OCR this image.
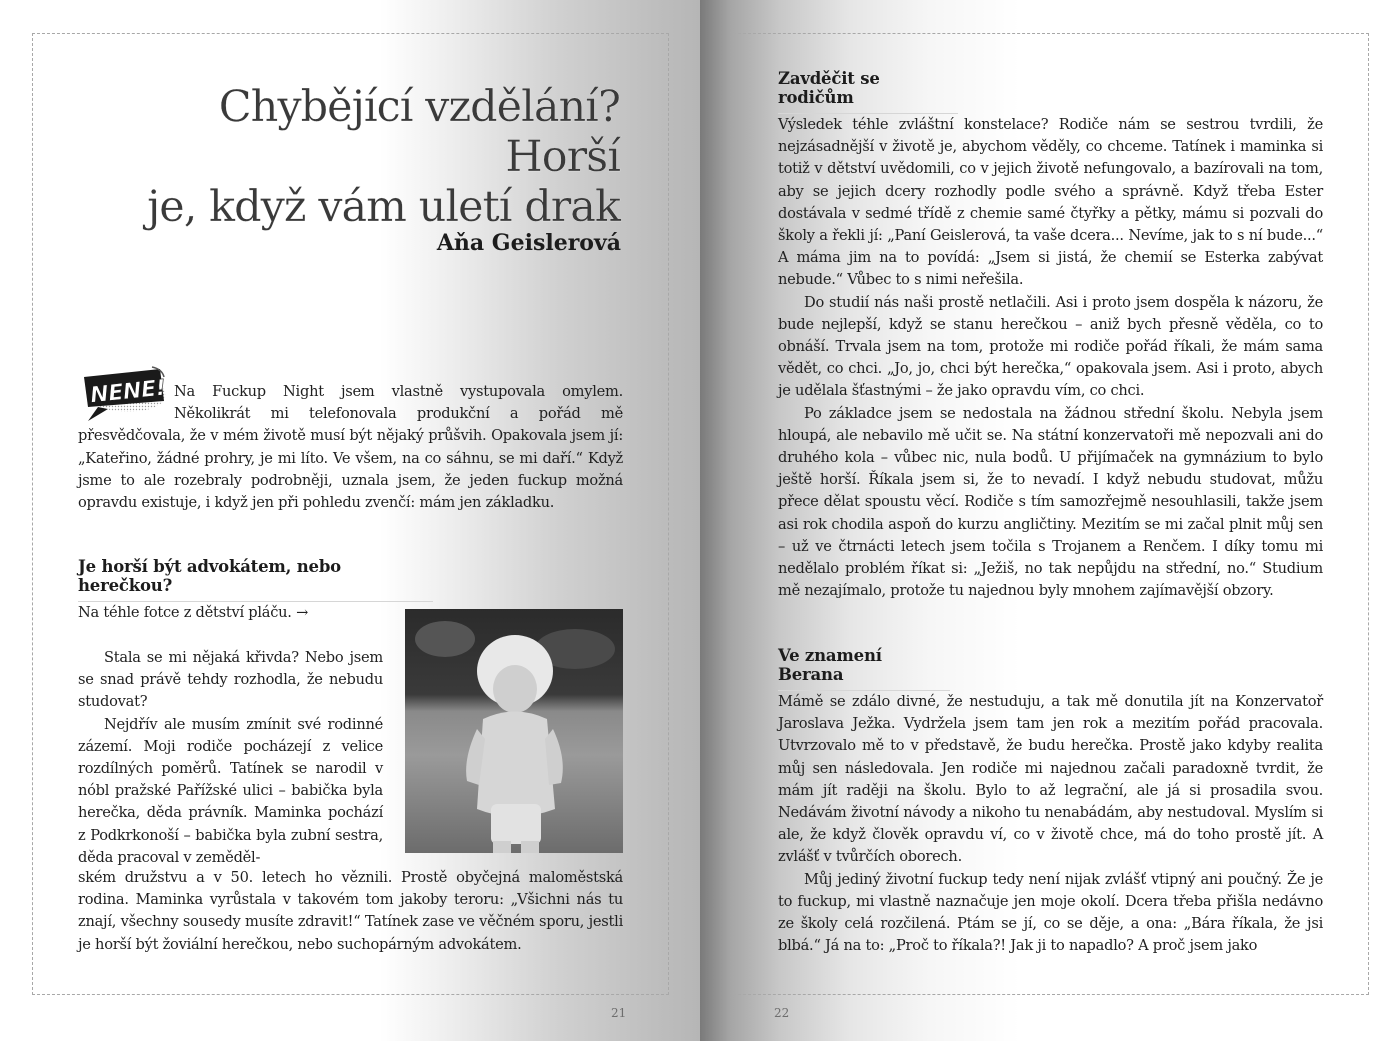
Chybějící vzdělání? Horší
je, když vám uletí drak
Aňa Geislerová
NENE! Na Fuckup Night jsem vlastně vystupovala omylem. Několikrát mi telefonovala produkční a pořád mě přesvědčovala, že v mém životě musí být nějaký průšvih. Opakovala jsem jí: „Kateřino, žádné prohry, je mi líto. Ve všem, na co sáhnu, se mi daří.“ Když jsme to ale rozebraly podrobněji, uznala jsem, že jeden fuckup možná opravdu existuje, i když jen při pohledu zvenčí: mám jen základku.

Je horší být advokátem, nebo herečkou?
Na téhle fotce z dětství pláču. →

Stala se mi nějaká křivda? Nebo jsem se snad právě tehdy rozhodla, že nebudu studovat?

Nejdřív ale musím zmínit své rodinné zázemí. Moji rodiče pocházejí z velice rozdílných poměrů. Tatínek se narodil v nóbl pražské Pařížské ulici – babička byla herečka, děda právník. Maminka pochází z Podkrkonoší – babička byla zubní sestra, děda pracoval v zeměděl-

ském družstvu a v 50. letech ho věznili. Prostě obyčejná maloměstská rodina. Maminka vyrůstala v takovém tom jakoby teroru: „Všichni nás tu znají, všechny sousedy musíte zdravit!“ Tatínek zase ve věčném sporu, jestli je horší být žoviální herečkou, nebo suchopárným advokátem.

21
Zavděčit se rodičům

Výsledek téhle zvláštní konstelace? Rodiče nám se sestrou tvrdili, že nejzásadnější v životě je, abychom věděly, co chceme. Tatínek i maminka si totiž v dětství uvědomili, co v jejich životě nefungovalo, a bazírovali na tom, aby se jejich dcery rozhodly podle svého a správně. Když třeba Ester dostávala v sedmé třídě z chemie samé čtyřky a pětky, mámu si pozvali do školy a řekli jí: „Paní Geislerová, ta vaše dcera... Nevíme, jak to s ní bude...“ A máma jim na to povídá: „Jsem si jistá, že chemií se Esterka zabývat nebude.“ Vůbec to s nimi neřešila.

Do studií nás naši prostě netlačili. Asi i proto jsem dospěla k názoru, že bude nejlepší, když se stanu herečkou – aniž bych přesně věděla, co to obnáší. Trvala jsem na tom, protože mi rodiče pořád říkali, že mám sama vědět, co chci. „Jo, jo, chci být herečka,“ opakovala jsem. Asi i proto, abych je udělala šťastnými – že jako opravdu vím, co chci.

Po základce jsem se nedostala na žádnou střední školu. Nebyla jsem hloupá, ale nebavilo mě učit se. Na státní konzervatoři mě nepozvali ani do druhého kola – vůbec nic, nula bodů. U přijímaček na gymnázium to bylo ještě horší. Říkala jsem si, že to nevadí. I když nebudu studovat, můžu přece dělat spoustu věcí. Rodiče s tím samozřejmě nesouhlasili, takže jsem asi rok chodila aspoň do kurzu angličtiny. Mezitím se mi začal plnit můj sen – už ve čtrnácti letech jsem točila s Trojanem a Renčem. I díky tomu mi nedělalo problém říkat si: „Ježiš, no tak nepůjdu na střední, no.“ Studium mě nezajímalo, protože tu najednou byly mnohem zajímavější obzory.

Ve znamení Berana

Mámě se zdálo divné, že nestuduju, a tak mě donutila jít na Konzervatoř Jaroslava Ježka. Vydržela jsem tam jen rok a mezitím pořád pracovala. Utvrzovalo mě to v představě, že budu herečka. Prostě jako kdyby realita můj sen následovala. Jen rodiče mi najednou začali paradoxně tvrdit, že mám jít raději na školu. Bylo to až legrační, ale já si prosadila svou. Nedávám životní návody a nikoho tu nenabádám, aby nestudoval. Myslím si ale, že když člověk opravdu ví, co v životě chce, má do toho prostě jít. A zvlášť v tvůrčích oborech.

Můj jediný životní fuckup tedy není nijak zvlášť vtipný ani poučný. Že je to fuckup, mi vlastně naznačuje jen moje okolí. Dcera třeba přišla nedávno ze školy celá rozčilená. Ptám se jí, co se děje, a ona: „Bára říkala, že jsi blbá.“ Já na to: „Proč to říkala?! Jak ji to napadlo? A proč jsem jako

22
